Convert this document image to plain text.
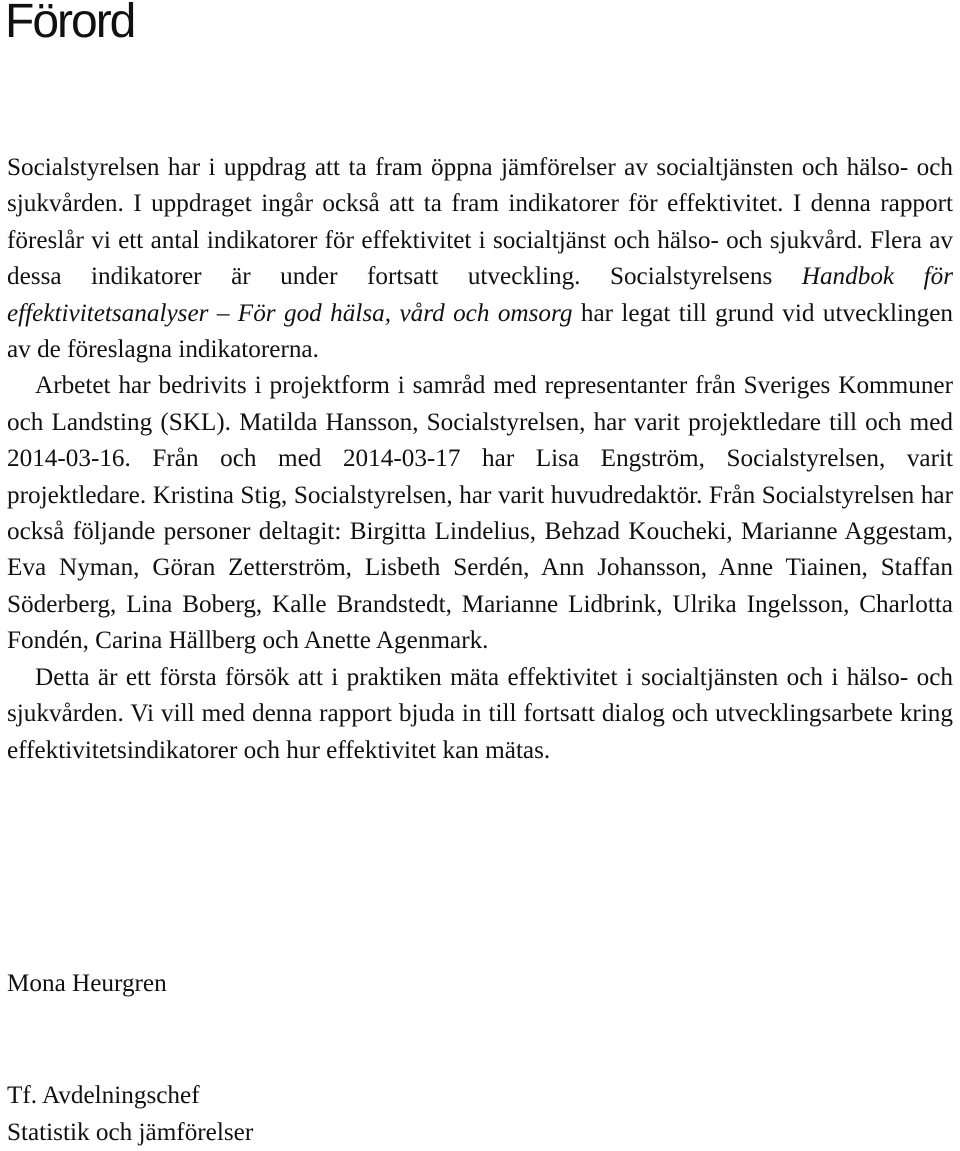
Förord

Socialstyrelsen har i uppdrag att ta fram öppna jämförelser av socialtjänsten och hälso- och sjukvården. I uppdraget ingår också att ta fram indikatorer för effektivitet. I denna rapport föreslår vi ett antal indikatorer för effektivitet i socialtjänst och hälso- och sjukvård. Flera av dessa indikatorer är under fortsatt utveckling. Socialstyrelsens Handbok för effektivitetsanalyser – För god hälsa, vård och omsorg har legat till grund vid utvecklingen av de föreslagna indikatorerna.

Arbetet har bedrivits i projektform i samråd med representanter från Sveriges Kommuner och Landsting (SKL). Matilda Hansson, Socialstyrelsen, har varit projektledare till och med 2014-03-16. Från och med 2014-03-17 har Lisa Engström, Socialstyrelsen, varit projektledare. Kristina Stig, Socialstyrelsen, har varit huvudredaktör. Från Socialstyrelsen har också följande personer deltagit: Birgitta Lindelius, Behzad Koucheki, Marianne Aggestam, Eva Nyman, Göran Zetterström, Lisbeth Serdén, Ann Johansson, Anne Tiainen, Staffan Söderberg, Lina Boberg, Kalle Brandstedt, Marianne Lidbrink, Ulrika Ingelsson, Charlotta Fondén, Carina Hällberg och Anette Agenmark.

Detta är ett första försök att i praktiken mäta effektivitet i socialtjänsten och i hälso- och sjukvården. Vi vill med denna rapport bjuda in till fortsatt dialog och utvecklingsarbete kring effektivitetsindikatorer och hur effektivitet kan mätas.

Mona Heurgren

Tf. Avdelningschef

Statistik och jämförelser
